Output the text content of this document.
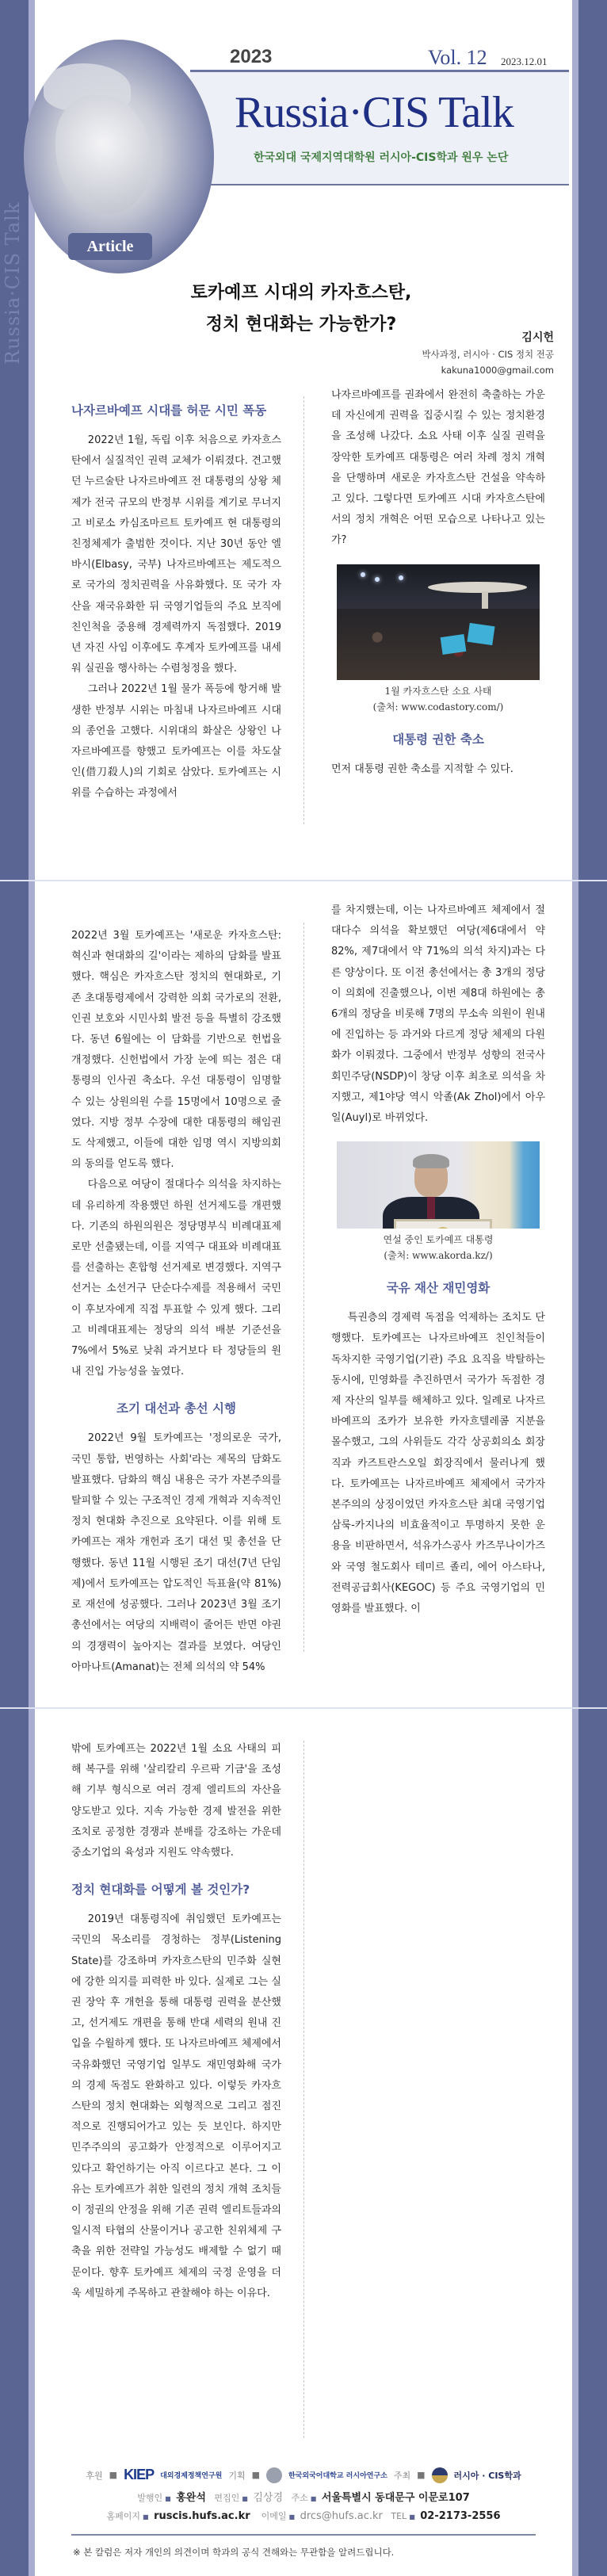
Russia·CIS Talk
2023	Vol. 12 2023.12.01
Russia·CIS Talk
한국외대 국제지역대학원 러시아-CIS학과 원우 논단
Article
토카예프 시대의 카자흐스탄,
정치 현대화는 가능한가?
김시헌
박사과정, 러시아 · CIS 정치 전공
kakuna1000@gmail.com
나자르바예프 시대를 허문 시민 폭동

2022년 1월, 독립 이후 처음으로 카자흐스탄에서 실질적인 권력 교체가 이뤄졌다. 견고했던 누르술탄 나자르바예프 전 대통령의 상왕 체제가 전국 규모의 반정부 시위를 계기로 무너지고 비로소 카심조마르트 토카예프 현 대통령의 친정체제가 출범한 것이다. 지난 30년 동안 엘바시(Elbasy, 국부) 나자르바예프는 제도적으로 국가의 정치권력을 사유화했다. 또 국가 자산을 재국유화한 뒤 국영기업들의 주요 보직에 친인척을 중용해 경제력까지 독점했다. 2019년 자진 사임 이후에도 후계자 토카예프를 내세워 실권을 행사하는 수렴청정을 했다.

그러나 2022년 1월 물가 폭등에 항거해 발생한 반정부 시위는 마침내 나자르바예프 시대의 종언을 고했다. 시위대의 화살은 상왕인 나자르바예프를 향했고 토카예프는 이를 차도살인(借刀殺人)의 기회로 삼았다. 토카예프는 시위를 수습하는 과정에서

나자르바예프를 권좌에서 완전히 축출하는 가운데 자신에게 권력을 집중시킬 수 있는 정치환경을 조성해 나갔다. 소요 사태 이후 실질 권력을 장악한 토카예프 대통령은 여러 차례 정치 개혁을 단행하며 새로운 카자흐스탄 건설을 약속하고 있다. 그렇다면 토카예프 시대 카자흐스탄에서의 정치 개혁은 어떤 모습으로 나타나고 있는가?

1월 카자흐스탄 소요 사태
(출처: www.codastory.com/)
대통령 권한 축소

먼저 대통령 권한 축소를 지적할 수 있다.

2022년 3월 토카예프는 '새로운 카자흐스탄: 혁신과 현대화의 길'이라는 제하의 담화를 발표했다. 핵심은 카자흐스탄 정치의 현대화로, 기존 초대통령제에서 강력한 의회 국가로의 전환, 인권 보호와 시민사회 발전 등을 특별히 강조했다. 동년 6월에는 이 담화를 기반으로 헌법을 개정했다. 신헌법에서 가장 눈에 띄는 점은 대통령의 인사권 축소다. 우선 대통령이 임명할 수 있는 상원의원 수를 15명에서 10명으로 줄였다. 지방 정부 수장에 대한 대통령의 해임권도 삭제했고, 이들에 대한 임명 역시 지방의회의 동의를 얻도록 했다.

다음으로 여당이 절대다수 의석을 차지하는 데 유리하게 작용했던 하원 선거제도를 개편했다. 기존의 하원의원은 정당명부식 비례대표제로만 선출됐는데, 이를 지역구 대표와 비례대표를 선출하는 혼합형 선거제로 변경했다. 지역구 선거는 소선거구 단순다수제를 적용해서 국민이 후보자에게 직접 투표할 수 있게 했다. 그리고 비례대표제는 정당의 의석 배분 기준선을 7%에서 5%로 낮춰 과거보다 타 정당들의 원내 진입 가능성을 높였다.

조기 대선과 총선 시행

2022년 9월 토카예프는 '정의로운 국가, 국민 통합, 번영하는 사회'라는 제목의 담화도 발표했다. 담화의 핵심 내용은 국가 자본주의를 탈피할 수 있는 구조적인 경제 개혁과 지속적인 정치 현대화 추진으로 요약된다. 이를 위해 토카예프는 재차 개헌과 조기 대선 및 총선을 단행했다. 동년 11월 시행된 조기 대선(7년 단임제)에서 토카예프는 압도적인 득표율(약 81%)로 재선에 성공했다. 그러나 2023년 3월 조기 총선에서는 여당의 지배력이 줄어든 반면 야권의 경쟁력이 높아지는 결과를 보였다. 여당인 아마나트(Amanat)는 전체 의석의 약 54%

를 차지했는데, 이는 나자르바예프 체제에서 절대다수 의석을 확보했던 여당(제6대에서 약 82%, 제7대에서 약 71%의 의석 차지)과는 다른 양상이다. 또 이전 총선에서는 총 3개의 정당이 의회에 진출했으나, 이번 제8대 하원에는 총 6개의 정당을 비롯해 7명의 무소속 의원이 원내에 진입하는 등 과거와 다르게 정당 체제의 다원화가 이뤄졌다. 그중에서 반정부 성향의 전국사회민주당(NSDP)이 창당 이후 최초로 의석을 차지했고, 제1야당 역시 악졸(Ak Zhol)에서 아우일(Auyl)로 바뀌었다.

연설 중인 토카예프 대통령
(출처: www.akorda.kz/)
국유 재산 재민영화

특권층의 경제력 독점을 억제하는 조치도 단행했다. 토카예프는 나자르바예프 친인척들이 독차지한 국영기업(기관) 주요 요직을 박탈하는 동시에, 민영화를 추진하면서 국가가 독점한 경제 자산의 일부를 해체하고 있다. 일례로 나자르바예프의 조카가 보유한 카자흐텔레콤 지분을 몰수했고, 그의 사위들도 각각 상공회의소 회장직과 카즈트란스오일 회장직에서 물러나게 했다. 토카예프는 나자르바예프 체제에서 국가자본주의의 상징이었던 카자흐스탄 최대 국영기업 삼룩-카지나의 비효율적이고 투명하지 못한 운용을 비판하면서, 석유가스공사 카즈무나이가즈와 국영 철도회사 테미르 졸리, 에어 아스타나, 전력공급회사(KEGOC) 등 주요 국영기업의 민영화를 발표했다. 이

밖에 토카예프는 2022년 1월 소요 사태의 피해 복구를 위해 '살리칼리 우르팍 기금'을 조성해 기부 형식으로 여러 경제 엘리트의 자산을 양도받고 있다. 지속 가능한 경제 발전을 위한 조치로 공정한 경쟁과 분배를 강조하는 가운데 중소기업의 육성과 지원도 약속했다.

정치 현대화를 어떻게 볼 것인가?

2019년 대통령직에 취임했던 토카예프는 국민의 목소리를 경청하는 정부(Listening State)를 강조하며 카자흐스탄의 민주화 실현에 강한 의지를 피력한 바 있다. 실제로 그는 실권 장악 후 개헌을 통해 대통령 권력을 분산했고, 선거제도 개편을 통해 반대 세력의 원내 진입을 수월하게 했다. 또 나자르바예프 체제에서 국유화했던 국영기업 일부도 재민영화해 국가의 경제 독점도 완화하고 있다. 이렇듯 카자흐스탄의 정치 현대화는 외형적으로 그리고 점진적으로 진행되어가고 있는 듯 보인다. 하지만 민주주의의 공고화가 안정적으로 이루어지고 있다고 확언하기는 아직 이르다고 본다. 그 이유는 토카예프가 취한 일련의 정치 개혁 조치들이 정권의 안정을 위해 기존 권력 엘리트들과의 일시적 타협의 산물이거나 공고한 친위체제 구축을 위한 전략일 가능성도 배제할 수 없기 때문이다. 향후 토카예프 체제의 국정 운영을 더욱 세밀하게 주목하고 관찰해야 하는 이유다.

후원 ■ KIEP 대외경제정책연구원 기획 ■	한국외국어대학교 러시아연구소 주최 ■	러시아 · CIS학과
발행인 ■ 홍완석 편집인 ■ 김상경 주소 ■ 서울특별시 동대문구 이문로107
홈페이지 ■ ruscis.hufs.ac.kr 이메일 ■ drcs@hufs.ac.kr TEL ■ 02-2173-2556
※ 본 칼럼은 저자 개인의 의견이며 학과의 공식 견해와는 무관함을 알려드립니다.
